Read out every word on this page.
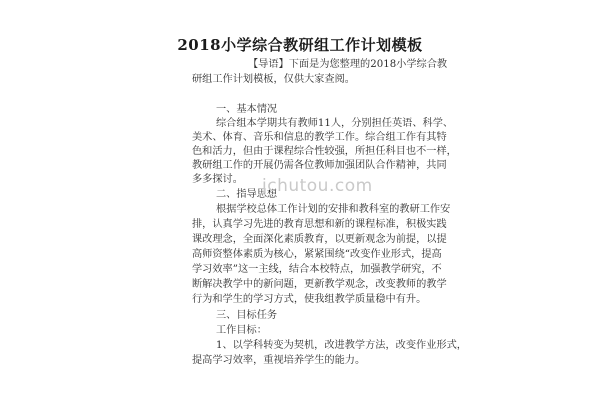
2018小学综合教研组工作计划模板
【导语】下面是为您整理的2018小学综合教
研组工作计划模板，仅供大家查阅。
一、基本情况
综合组本学期共有教师11人，分别担任英语、科学、
美术、体育、音乐和信息的教学工作。综合组工作有其特
色和活力，但由于课程综合性较强，所担任科目也不一样，
教研组工作的开展仍需各位教师加强团队合作精神，共同
多多探讨。
二、指导思想
根据学校总体工作计划的安排和教科室的教研工作安
排，认真学习先进的教育思想和新的课程标准，积极实践
课改理念，全面深化素质教育，以更新观念为前提，以提
高师资整体素质为核心，紧紧围绕“改变作业形式，提高
学习效率”这一主线，结合本校特点，加强教学研究，不
断解决教学中的新问题，更新教学观念，改变教师的教学
行为和学生的学习方式，使我组教学质量稳中有升。
三、目标任务
工作目标：
1、以学科转变为契机，改进教学方法，改变作业形式，
提高学习效率，重视培养学生的能力。
jchutou.com
